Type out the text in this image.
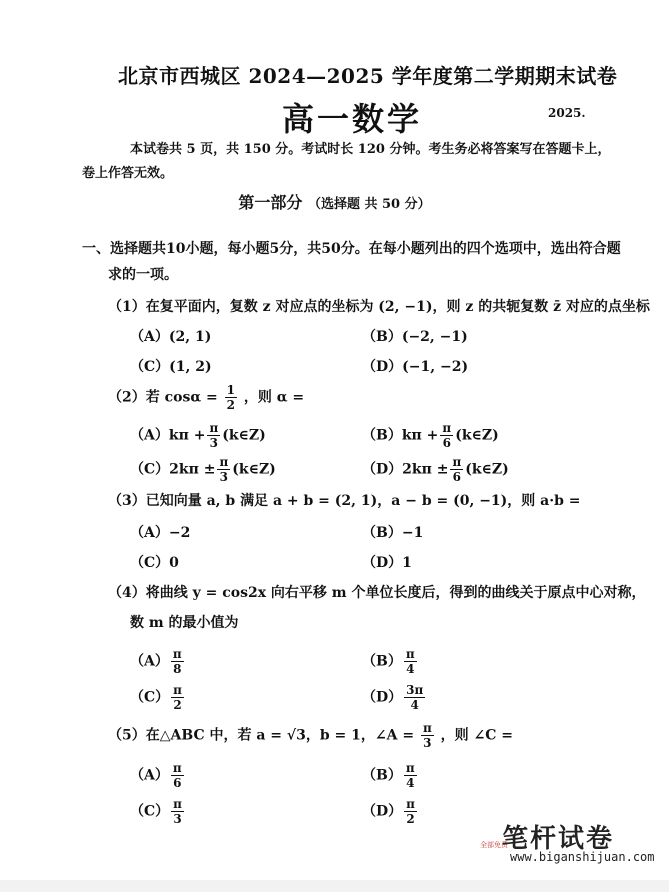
北京市西城区 2024—2025 学年度第二学期期末试卷
高一数学	2025.
本试卷共 5 页，共 150 分。考试时长 120 分钟。考生务必将答案写在答题卡上，
卷上作答无效。
第一部分 （选择题 共 50 分）
一、选择题共10小题，每小题5分，共50分。在每小题列出的四个选项中，选出符合题
求的一项。
（1）在复平面内，复数 z 对应点的坐标为 (2, −1)，则 z 的共轭复数 z̄ 对应的点坐标
（A）(2, 1)	（B）(−2, −1)
（C）(1, 2)	（D）(−1, −2)
（2）若 $\cos\alpha = \frac{1}{2}$ ，则 α =
$(A)k\pi + \frac{\pi}{3}$ (k∈Z)	$(B)k\pi + \frac{\pi}{6}$ (k∈Z)
$(C)2k\pi \pm \frac{\pi}{3}$ (k∈Z)	$(D)2k\pi \pm \frac{\pi}{6}$ (k∈Z)
（3）已知向量 a, b 满足 a + b = (2, 1)，a − b = (0, −1)，则 a·b =
（A）−2	（B）−1
（C）0	（D）1
（4）将曲线 y = cos2x 向右平移 m 个单位长度后，得到的曲线关于原点中心对称，
数 m 的最小值为
$(A) \frac{\pi}{8}$	$(B) \frac{\pi}{4}$
$(C) \frac{\pi}{2}$	$(D) \frac{3\pi}{4}$
（5）在△ABC 中，若 a = √3，b = 1，∠A = $\frac{\pi}{3}$ ，则 ∠C =
$(A) \frac{\pi}{6}$	$(B) \frac{\pi}{4}$
$(C) \frac{\pi}{3}$	$(D) \frac{\pi}{2}$
全部免费
笔杆试卷
www.biganshijuan.com
